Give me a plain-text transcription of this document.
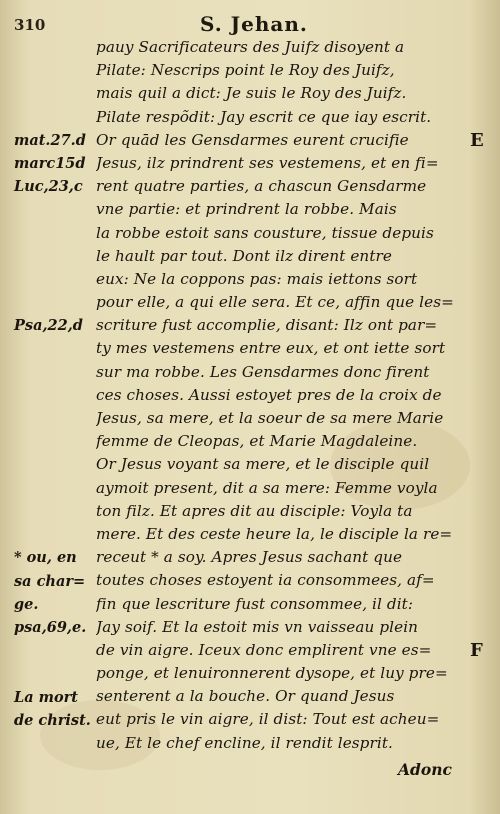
310	S. Jehan.
pauy Sacrificateurs des Juifz disoyent a
Pilate: Nescrips point le Roy des Juifz,
mais quil a dict: Je suis le Roy des Juifz.
Pilate respõdit: Jay escrit ce que iay escrit.
Or quād les Gensdarmes eurent crucifie
Jesus, ilz prindrent ses vestemens, et en fi=
rent quatre parties, a chascun Gensdarme
vne partie: et prindrent la robbe. Mais
la robbe estoit sans cousture, tissue depuis
le hault par tout. Dont ilz dirent entre
eux: Ne la coppons pas: mais iettons sort
pour elle, a qui elle sera. Et ce, affin que les=
scriture fust accomplie, disant: Ilz ont par=
ty mes vestemens entre eux, et ont iette sort
sur ma robbe. Les Gensdarmes donc firent
ces choses. Aussi estoyet pres de la croix de
Jesus, sa mere, et la soeur de sa mere Marie
femme de Cleopas, et Marie Magdaleine.
Or Jesus voyant sa mere, et le disciple quil
aymoit present, dit a sa mere: Femme voyla
ton filz. Et apres dit au disciple: Voyla ta
mere. Et des ceste heure la, le disciple la re=
receut * a soy. Apres Jesus sachant que
toutes choses estoyent ia consommees, af=
fin que lescriture fust consommee, il dit:
Jay soif. Et la estoit mis vn vaisseau plein
de vin aigre. Iceux donc emplirent vne es=
ponge, et lenuironnerent dysope, et luy pre=
senterent a la bouche. Or quand Jesus
eut pris le vin aigre, il dist: Tout est acheu=
ue, Et le chef encline, il rendit lesprit.
mat.27.d
marc15d
Luc,23,c
Psa,22,d
* ou, en
sa char=
ge.
psa,69,e.
La mort
de christ.
E
F
Adonc
